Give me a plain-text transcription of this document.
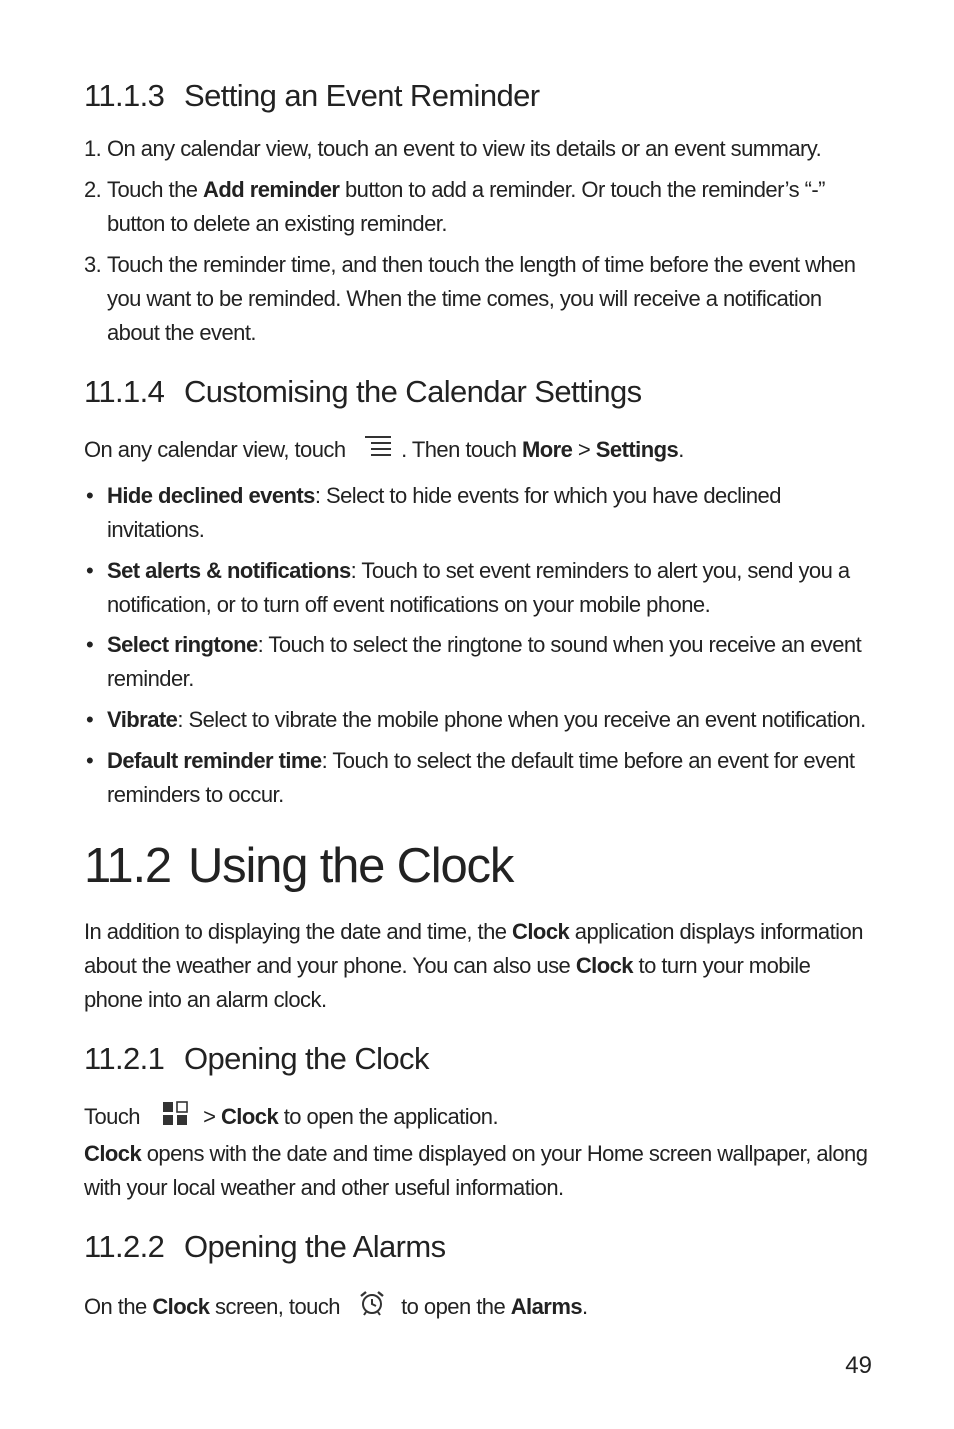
11.1.3 Setting an Event Reminder

1. On any calendar view, touch an event to view its details or an event summary.

2. Touch the Add reminder button to add a reminder. Or touch the reminder’s “-” button to delete an existing reminder.

3. Touch the reminder time, and then touch the length of time before the event when you want to be reminded. When the time comes, you will receive a notification about the event.

11.1.4 Customising the Calendar Settings

On any calendar view, touch	. Then touch More > Settings.

• Hide declined events: Select to hide events for which you have declined invitations.

• Set alerts & notifications: Touch to set event reminders to alert you, send you a notification, or to turn off event notifications on your mobile phone.

• Select ringtone: Touch to select the ringtone to sound when you receive an event reminder.

• Vibrate: Select to vibrate the mobile phone when you receive an event notification.

• Default reminder time: Touch to select the default time before an event for event reminders to occur.

11.2 Using the Clock

In addition to displaying the date and time, the Clock application displays information about the weather and your phone. You can also use Clock to turn your mobile phone into an alarm clock.

11.2.1 Opening the Clock

Touch	> Clock to open the application.

Clock opens with the date and time displayed on your Home screen wallpaper, along with your local weather and other useful information.

11.2.2 Opening the Alarms

On the Clock screen, touch	to open the Alarms.

49
